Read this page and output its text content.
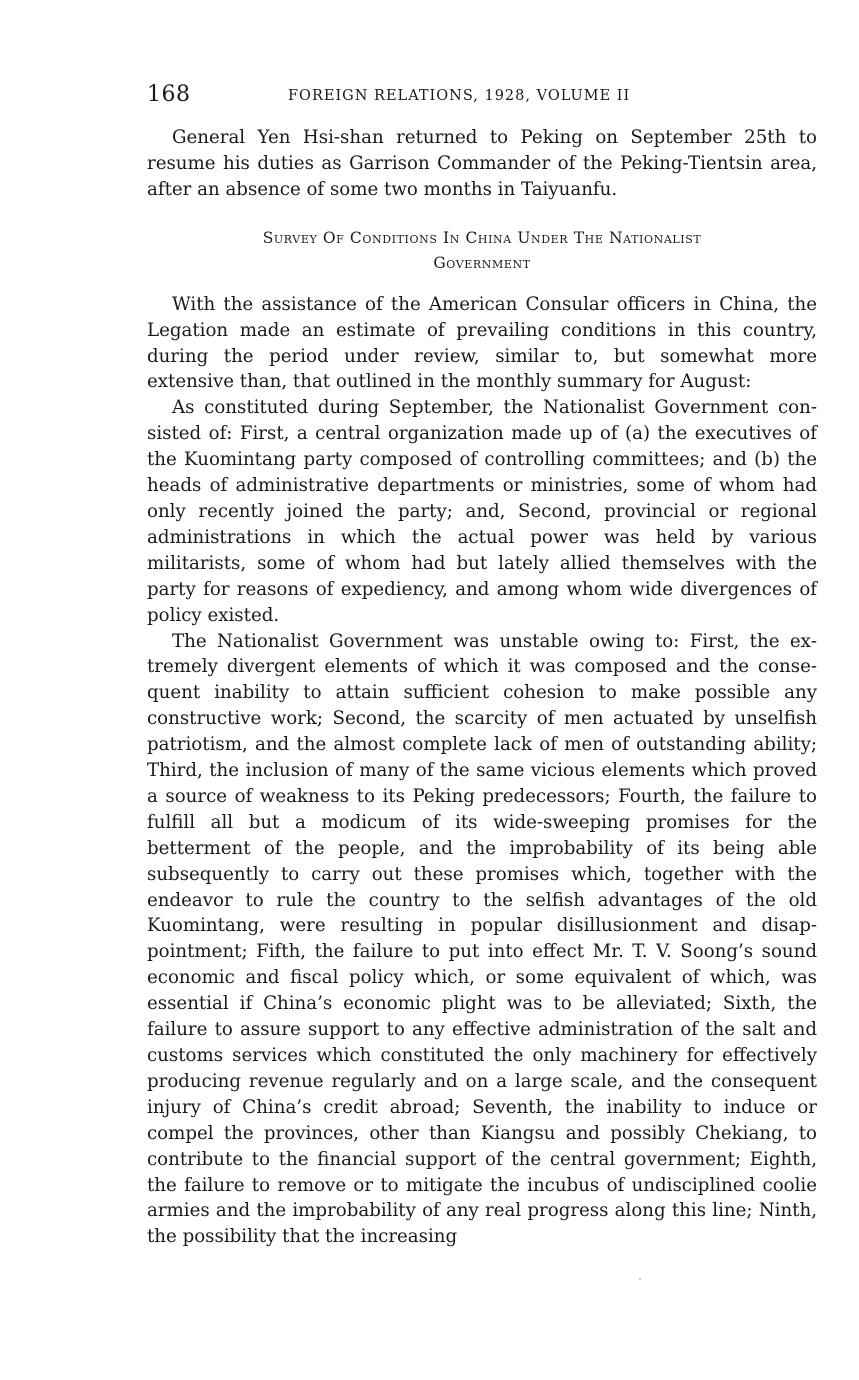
168	FOREIGN RELATIONS, 1928, VOLUME II

General Yen Hsi-shan returned to Peking on September 25th to resume his duties as Garrison Commander of the Peking-Tientsin area, after an absence of some two months in Taiyuanfu.

Survey Of Conditions In China Under The Nationalist
Government

With the assistance of the American Consular officers in China, the Legation made an estimate of prevailing conditions in this country, during the period under review, similar to, but somewhat more extensive than, that outlined in the monthly summary for August:

As constituted during September, the Nationalist Government consisted of: First, a central organization made up of (a) the executives of the Kuomintang party composed of controlling committees; and (b) the heads of administrative departments or ministries, some of whom had only recently joined the party; and, Second, provincial or regional administrations in which the actual power was held by various militarists, some of whom had but lately allied themselves with the party for reasons of expediency, and among whom wide divergences of policy existed.

The Nationalist Government was unstable owing to: First, the extremely divergent elements of which it was composed and the consequent inability to attain sufficient cohesion to make possible any constructive work; Second, the scarcity of men actuated by unselfish patriotism, and the almost complete lack of men of outstanding ability; Third, the inclusion of many of the same vicious elements which proved a source of weakness to its Peking predecessors; Fourth, the failure to fulfill all but a modicum of its wide-sweeping promises for the betterment of the people, and the improbability of its being able subsequently to carry out these promises which, together with the endeavor to rule the country to the selfish advantages of the old Kuomintang, were resulting in popular disillusionment and disappointment; Fifth, the failure to put into effect Mr. T. V. Soong’s sound economic and fiscal policy which, or some equivalent of which, was essential if China’s economic plight was to be alleviated; Sixth, the failure to assure support to any effective administration of the salt and customs services which constituted the only machinery for effectively producing revenue regularly and on a large scale, and the consequent injury of China’s credit abroad; Seventh, the inability to induce or compel the provinces, other than Kiangsu and possibly Chekiang, to contribute to the financial support of the central government; Eighth, the failure to remove or to mitigate the incubus of undisciplined coolie armies and the improbability of any real progress along this line; Ninth, the possibility that the increasing
